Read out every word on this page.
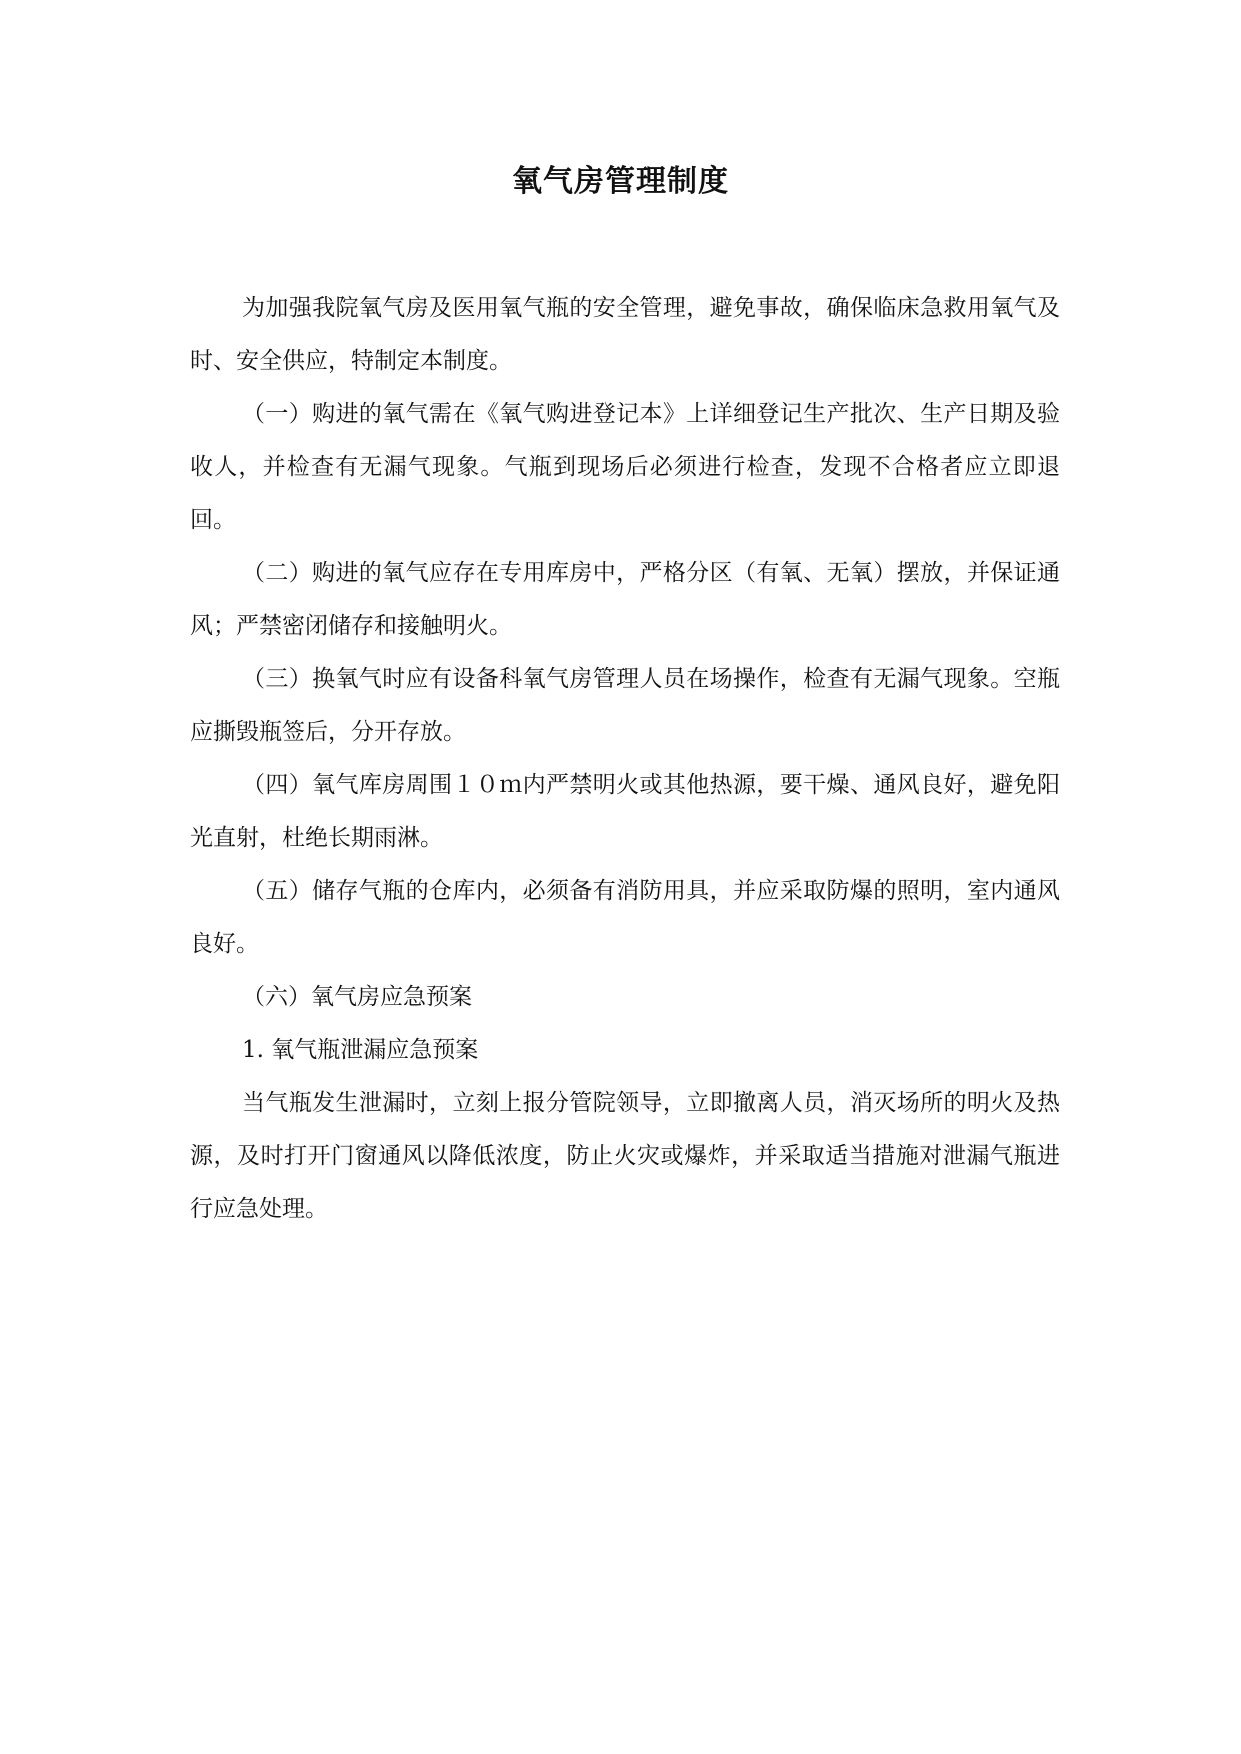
氧气房管理制度

为加强我院氧气房及医用氧气瓶的安全管理，避免事故，确保临床急救用氧气及时、安全供应，特制定本制度。

（一）购进的氧气需在《氧气购进登记本》上详细登记生产批次、生产日期及验收人，并检查有无漏气现象。气瓶到现场后必须进行检查，发现不合格者应立即退回。

（二）购进的氧气应存在专用库房中，严格分区（有氧、无氧）摆放，并保证通风；严禁密闭储存和接触明火。

（三）换氧气时应有设备科氧气房管理人员在场操作，检查有无漏气现象。空瓶应撕毁瓶签后，分开存放。

（四）氧气库房周围１０ｍ内严禁明火或其他热源，要干燥、通风良好，避免阳光直射，杜绝长期雨淋。

（五）储存气瓶的仓库内，必须备有消防用具，并应采取防爆的照明，室内通风良好。

（六）氧气房应急预案

1. 氧气瓶泄漏应急预案

当气瓶发生泄漏时，立刻上报分管院领导，立即撤离人员，消灭场所的明火及热源，及时打开门窗通风以降低浓度，防止火灾或爆炸，并采取适当措施对泄漏气瓶进行应急处理。
